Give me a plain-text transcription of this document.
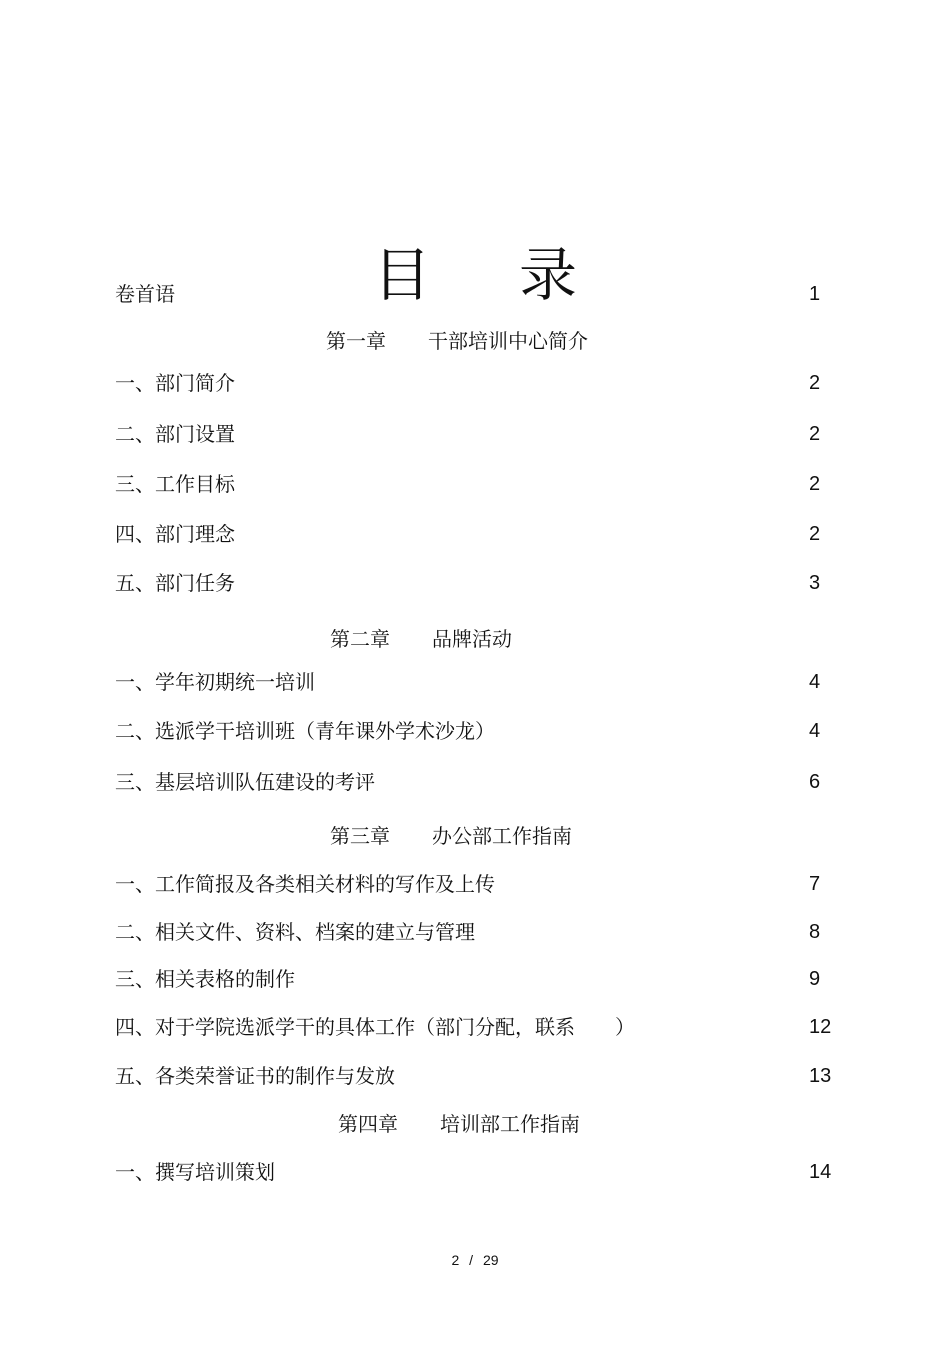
目 录
卷首语	1
第一章 干部培训中心简介
一、部门简介	2
二、部门设置	2
三、工作目标	2
四、部门理念	2
五、部门任务	3
第二章 品牌活动
一、学年初期统一培训	4
二、选派学干培训班（青年课外学术沙龙）	4
三、基层培训队伍建设的考评	6
第三章 办公部工作指南
一、工作简报及各类相关材料的写作及上传	7
二、相关文件、资料、档案的建立与管理	8
三、相关表格的制作	9
四、对于学院选派学干的具体工作（部门分配，联系　　）	12
五、各类荣誉证书的制作与发放	13
第四章 培训部工作指南
一、撰写培训策划	14
2 / 29
